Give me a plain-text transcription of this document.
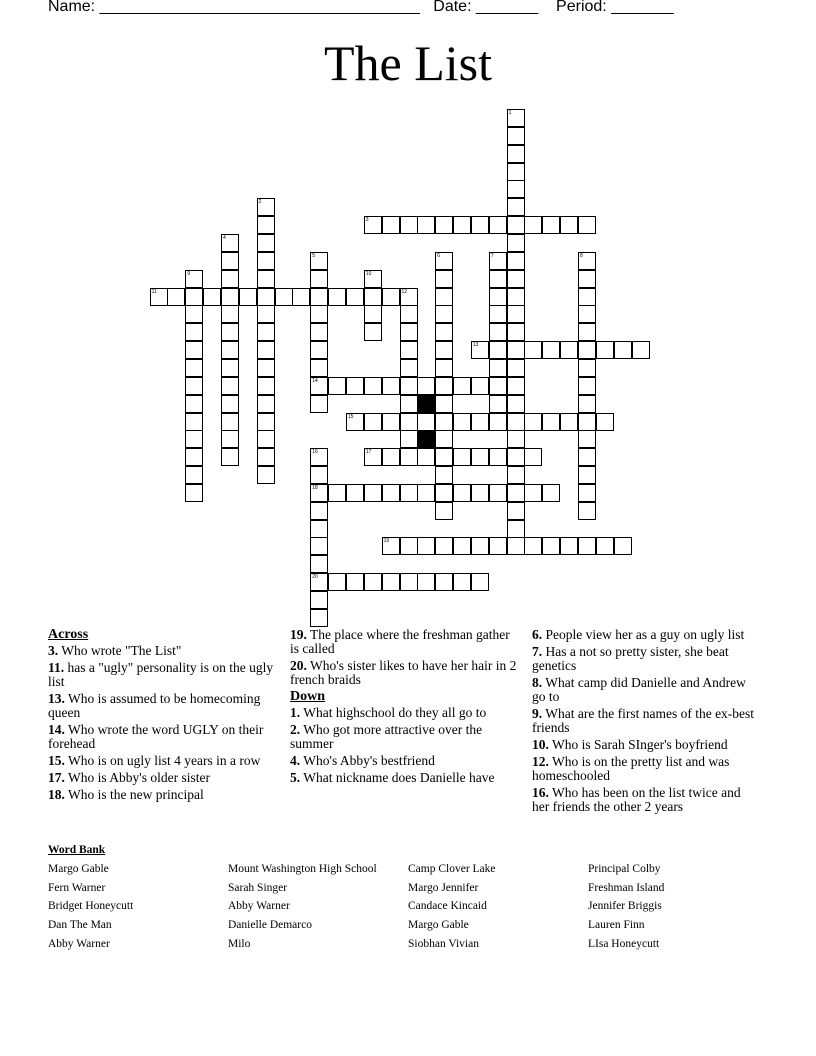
Name: ____________________________________ Date: _______ Period: _______
The List
1
2
3
4
5
14
6	7	8
9	10
11	12
13
15
16
18
20
17
19
Across
3. Who wrote "The List"
11. has a "ugly" personality is on the ugly list
13. Who is assumed to be homecoming queen
14. Who wrote the word UGLY on their forehead
15. Who is on ugly list 4 years in a row
17. Who is Abby's older sister
18. Who is the new principal
19. The place where the freshman gather is called
20. Who's sister likes to have her hair in 2 french braids
Down
1. What highschool do they all go to
2. Who got more attractive over the summer
4. Who's Abby's bestfriend
5. What nickname does Danielle have
6. People view her as a guy on ugly list
7. Has a not so pretty sister, she beat genetics
8. What camp did Danielle and Andrew go to
9. What are the first names of the ex-best friends
10. Who is Sarah SInger's boyfriend
12. Who is on the pretty list and was homeschooled
16. Who has been on the list twice and her friends the other 2 years
Word Bank
Margo Gable
Fern Warner
Bridget Honeycutt
Dan The Man
Abby Warner
Mount Washington High School
Sarah Singer
Abby Warner
Danielle Demarco
Milo
Camp Clover Lake
Margo Jennifer
Candace Kincaid
Margo Gable
Siobhan Vivian
Principal Colby
Freshman Island
Jennifer Briggis
Lauren Finn
LIsa Honeycutt
